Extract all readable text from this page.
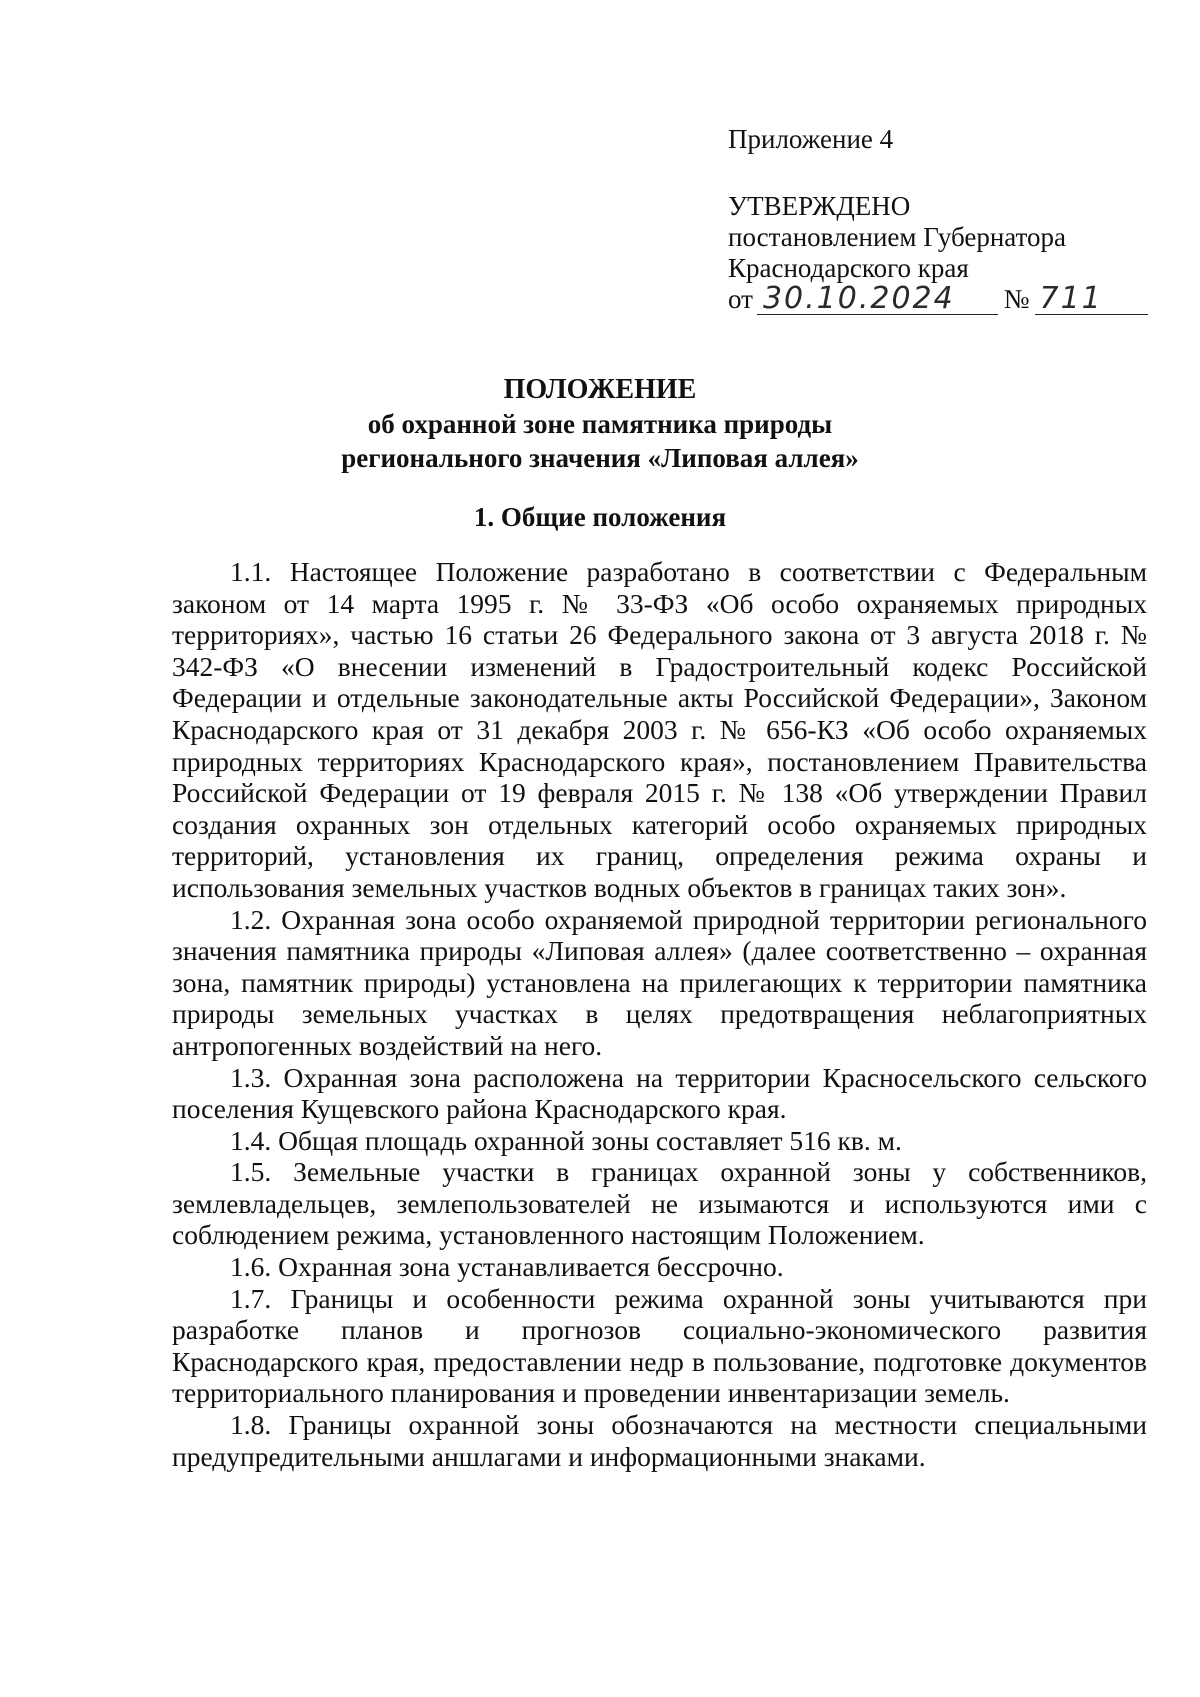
Приложение 4
УТВЕРЖДЕНО
постановлением Губернатора
Краснодарского края
от 30.10.2024	№ 711
ПОЛОЖЕНИЕ
об охранной зоне памятника природы
регионального значения «Липовая аллея»
1. Общие положения

1.1. Настоящее Положение разработано в соответствии с Федеральным законом от 14 марта 1995 г. № 33-ФЗ «Об особо охраняемых природных территориях», частью 16 статьи 26 Федерального закона от 3 августа 2018 г. № 342-ФЗ «О внесении изменений в Градостроительный кодекс Российской Федерации и отдельные законодательные акты Российской Федерации», Законом Краснодарского края от 31 декабря 2003 г. № 656-КЗ «Об особо охраняемых природных территориях Краснодарского края», постановлением Правительства Российской Федерации от 19 февраля 2015 г. № 138 «Об утверждении Правил создания охранных зон отдельных категорий особо охраняемых природных территорий, установления их границ, определения режима охраны и использования земельных участков водных объектов в границах таких зон».

1.2. Охранная зона особо охраняемой природной территории регионального значения памятника природы «Липовая аллея» (далее соответственно – охранная зона, памятник природы) установлена на прилегающих к территории памятника природы земельных участках в целях предотвращения неблагоприятных антропогенных воздействий на него.

1.3. Охранная зона расположена на территории Красносельского сельского поселения Кущевского района Краснодарского края.

1.4. Общая площадь охранной зоны составляет 516 кв. м.

1.5. Земельные участки в границах охранной зоны у собственников, землевладельцев, землепользователей не изымаются и используются ими с соблюдением режима, установленного настоящим Положением.

1.6. Охранная зона устанавливается бессрочно.

1.7. Границы и особенности режима охранной зоны учитываются при разработке планов и прогнозов социально-экономического развития Краснодарского края, предоставлении недр в пользование, подготовке документов территориального планирования и проведении инвентаризации земель.

1.8. Границы охранной зоны обозначаются на местности специальными предупредительными аншлагами и информационными знаками.
